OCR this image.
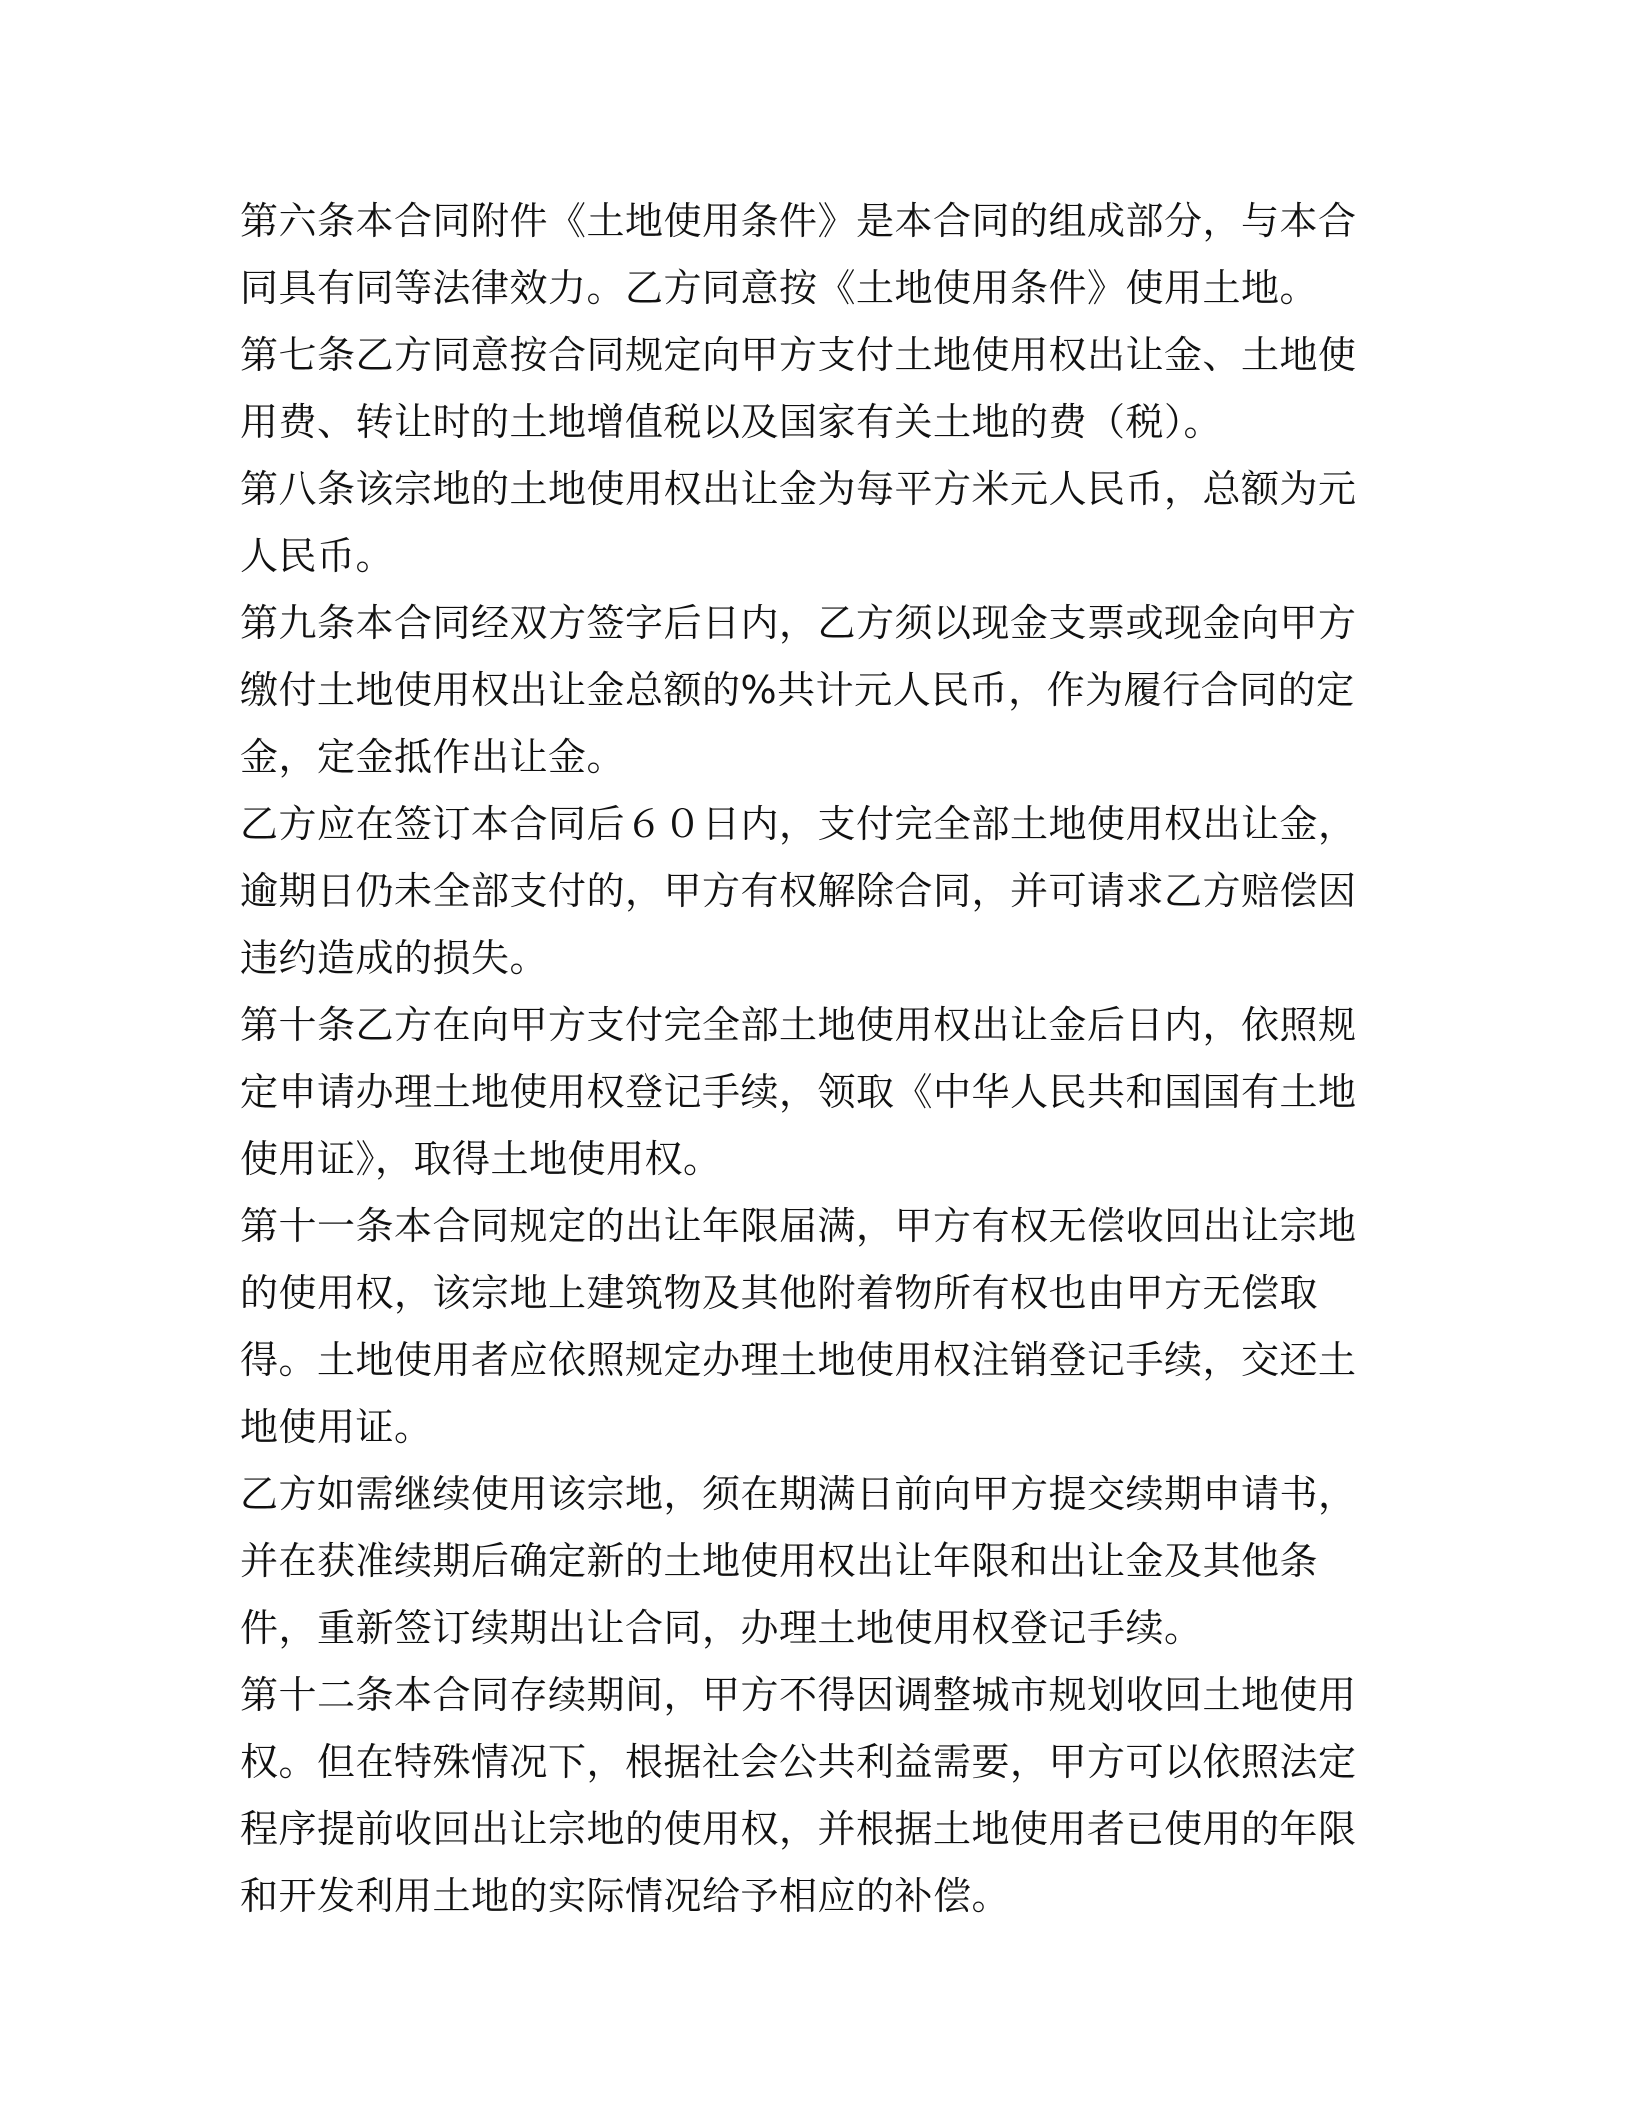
第六条本合同附件《土地使用条件》是本合同的组成部分，与本合同具有同等法律效力。乙方同意按《土地使用条件》使用土地。

第七条乙方同意按合同规定向甲方支付土地使用权出让金、土地使用费、转让时的土地增值税以及国家有关土地的费（税）。

第八条该宗地的土地使用权出让金为每平方米元人民币，总额为元人民币。

第九条本合同经双方签字后日内，乙方须以现金支票或现金向甲方缴付土地使用权出让金总额的%共计元人民币，作为履行合同的定金，定金抵作出让金。

乙方应在签订本合同后６０日内，支付完全部土地使用权出让金，逾期日仍未全部支付的，甲方有权解除合同，并可请求乙方赔偿因违约造成的损失。

第十条乙方在向甲方支付完全部土地使用权出让金后日内，依照规定申请办理土地使用权登记手续，领取《中华人民共和国国有土地使用证》，取得土地使用权。

第十一条本合同规定的出让年限届满，甲方有权无偿收回出让宗地的使用权，该宗地上建筑物及其他附着物所有权也由甲方无偿取得。土地使用者应依照规定办理土地使用权注销登记手续，交还土地使用证。

乙方如需继续使用该宗地，须在期满日前向甲方提交续期申请书，并在获准续期后确定新的土地使用权出让年限和出让金及其他条件，重新签订续期出让合同，办理土地使用权登记手续。

第十二条本合同存续期间，甲方不得因调整城市规划收回土地使用权。但在特殊情况下，根据社会公共利益需要，甲方可以依照法定程序提前收回出让宗地的使用权，并根据土地使用者已使用的年限和开发利用土地的实际情况给予相应的补偿。
